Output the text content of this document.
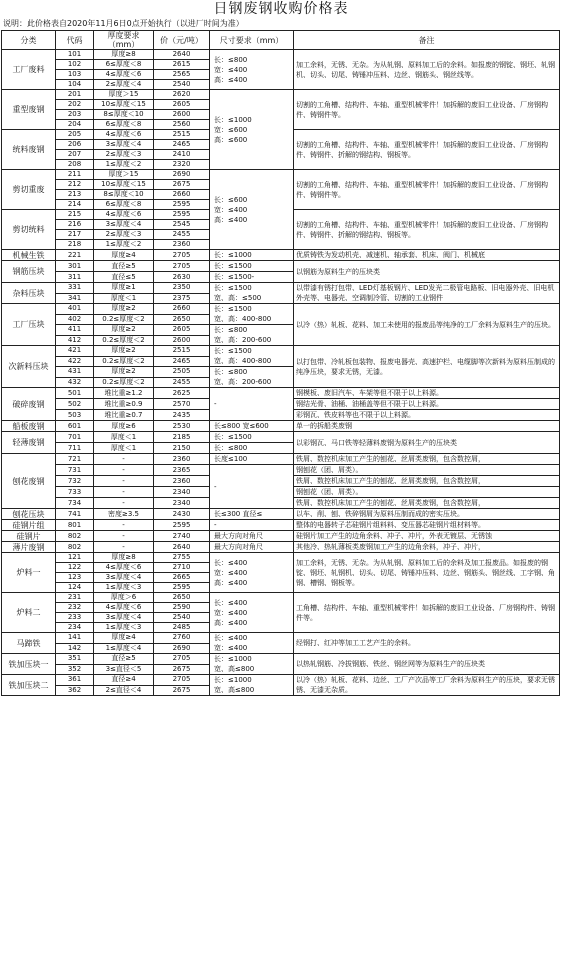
日钢废钢收购价格表
说明：此价格表自2020年11月6日0点开始执行（以进厂时间为准）
分类	代码	厚度要求（mm）	价（元/吨）	尺寸要求（mm）	备注
工厂废料	101	厚度≥8	2640	长：≤800
宽：≤400
高：≤400	加工余料，无锈、无杂。为从轧钢、原料加工后的余料。如报废的钢锭、钢坯、轧钢机、切头、切尾、铸锤冲压料、边丝、钢筋头、钢丝线等。
	102	6≤厚度＜8	2615		
	103	4≤厚度＜6	2565		
	104	2≤厚度＜4	2540		
重型废钢	201	厚度＞15	2620	长：≤1000
宽：≤600
高：≤600	切割的工角槽、结构件、车轴、重型机械零件！加拆解的废旧工业设备、厂房钢构件、铸钢件等。
	202	10≤厚度＜15	2605		
	203	8≤厚度＜10	2600		
	204	6≤厚度＜8	2560		
统料废钢	205	4≤厚度＜6	2515		切割的工角槽、结构件、车轴、重型机械零件！加拆解的废旧工业设备、厂房钢构件、铸钢件、折解的钢结构、钢板等。
	206	3≤厚度＜4	2465		
	207	2≤厚度＜3	2410		
	208	1≤厚度＜2	2320		
剪切重废	211	厚度＞15	2690	长：≤600
宽：≤400
高：≤400	切割的工角槽、结构件、车轴、重型机械零件！加拆解的废旧工业设备、厂房钢构件、铸钢件等。
	212	10≤厚度＜15	2675		
	213	8≤厚度＜10	2660		
	214	6≤厚度＜8	2595		
剪切统料	215	4≤厚度＜6	2595		切割的工角槽、结构件、车轴、重型机械零件！加拆解的废旧工业设备、厂房钢构件、铸钢件、折解的钢结构、钢板等。
	216	3≤厚度＜4	2545		
	217	2≤厚度＜3	2455		
	218	1≤厚度＜2	2360		
机械生铁	221	厚度≥4	2705	长：≤1000	优质铸铁为发动机壳、减速机、轴承套、机床、阀门、机械底
钢筋压块	301	直径≥5	2705	长：≤1500	以钢筋为原料生产的压块类
	311	直径≤5	2630	长：≤1500-	
杂料压块	331	厚度≥1	2350	长：≤1500
宽、高：≤500	以带漆有锈打包带、LED灯基板钢片、LED发光二极管电路板、旧电器外壳、旧电机外壳等、电器壳、空调制冷管、切割的工业钢件
	341	厚度＜1	2375		
工厂压块	401	厚度≥2	2660	长：≤1500
宽、高：400-800	以冷（热）轧板、花料、加工未使用的报废品等纯净的工厂余料为原料生产的压块。
	402	0.2≤厚度＜2	2650		
	411	厚度≥2	2605	长：≤800
宽、高：200-600	
	412	0.2≤厚度＜2	2600		
次新料压块	421	厚度≥2	2515	长：≤1500
宽、高：400-800	以打包带、冷轧板包装物、报废电器壳、高速护栏、电缆脚等次新料为原料压制成的纯净压块，要求无锈，无漆。
	422	0.2≤厚度＜2	2465		
	431	厚度≥2	2505	长：≤800
宽、高：200-600	
	432	0.2≤厚度＜2	2455		
破碎废钢	501	堆比重≥1.2	2625	-	钢模板、废旧汽车、车架等但不限于以上料源。
	502	堆比重≥0.9	2570		钢结光骨、油桶、油桶盖等但不限于以上料源。
	503	堆比重≥0.7	2435		彩钢瓦、铁皮料等也不限于以上料源。
船板废钢	601	厚度≥6	2530	长≤800 宽≤600	单一的拆船类废钢
轻薄废钢	701	厚度＜1	2185	长：≤1500	以彩钢瓦、马口铁等轻薄料废钢为原料生产的压块类
	711	厚度＜1	2150	长：≤800	
刨花废钢	721	-	2360	长度≤100	铁屑、数控机床加工产生的刨花、丝屑类废钢，包含数控屑，
	731	-	2365	-	钢刨花（团、屑类）。
	732	-	2360		铁屑、数控机床加工产生的刨花、丝屑类废钢，包含数控屑，
	733	-	2340		钢刨花（团、屑类）。
	734	-	2340		铁屑、数控机床加工产生的刨花、丝屑类废钢，包含数控屑，
刨花压块	741	密度≥3.5	2430	长≤300 直径≤	以车、削、刨、铁碎钢屑为原料压制而成的密实压块。
硅钢片组	801	-	2595	-	整体的电器转子芯硅钢片组料料、变压器芯硅钢片组材料等。
硅钢片	802	-	2740	最大方向对角尺	硅钢片加工产生的边角余料、冲子、冲片，外表无镀层、无锈蚀
薄片废钢	802	-	2640	最大方向对角尺	其他冷、热轧薄板类废钢加工产生的边角余料，冲子、冲片，
炉料一	121	厚度≥8	2755	长：≤400
宽：≤400
高：≤400	加工余料，无锈、无杂。为从轧钢、原料加工后的余料及加工报废品。如报废的钢锭、钢坯、轧钢机、切头、切尾、铸锤冲压料、边丝、钢筋头、钢丝线、工字钢、角钢、槽钢、钢板等。
	122	4≤厚度＜6	2710		
	123	3≤厚度＜4	2665		
	124	1≤厚度＜3	2595		
炉料二	231	厚度＞6	2650	长：≤400
宽：≤400
高：≤400	工角槽、结构件、车轴、重型机械零件！如拆解的废旧工业设备、厂房钢构件、铸钢件等。
	232	4≤厚度＜6	2590		
	233	3≤厚度＜4	2540		
	234	1≤厚度＜3	2485		
马蹄铁	141	厚度≥4	2760	长：≤400
宽：≤400	经钢打、红冲等加工工艺产生的余料。
	142	1≤厚度＜4	2690		
铁加压块一	351	直径≥5	2705	长：≤1000
宽、高≤800	以热轧钢筋、冷拔钢筋、铁丝、钢丝网等为原料生产的压块类
	352	3≤直径＜5	2675		
铁加压块二	361	直径≥4	2705	长：≤1000
宽、高≤800	以冷（热）轧板、花料、边丝、工厂产次品等工厂余料为原料生产的压块，要求无锈锈、无漆无杂质。
	362	2≤直径＜4	2675		
